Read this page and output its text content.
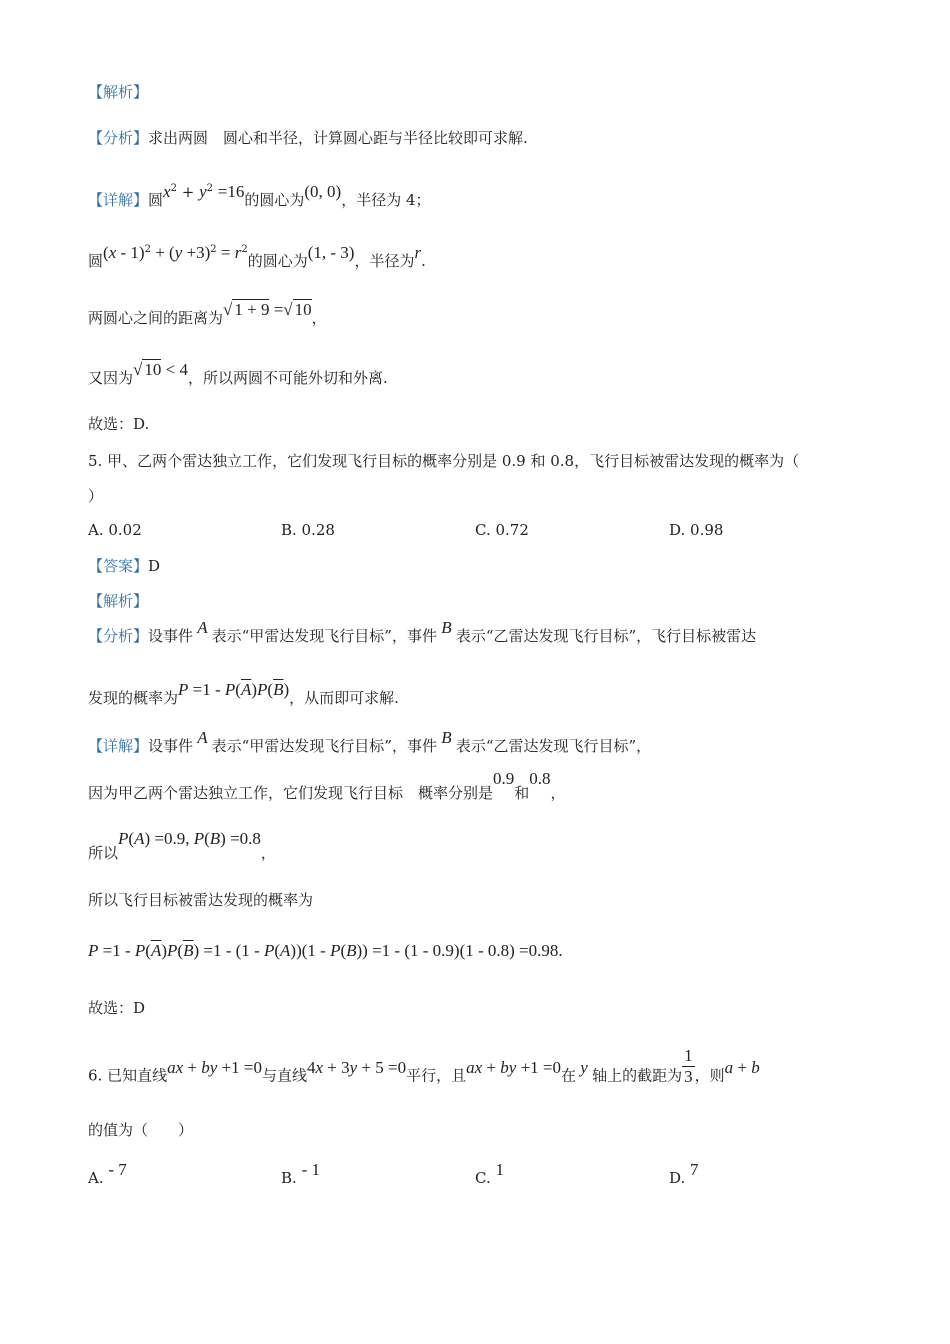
【解析】
【分析】求出两圆　圆心和半径，计算圆心距与半径比较即可求解.
【详解】圆$x^2 + y^2 =16$的圆心为(0, 0)，半径为 4；
圆$(x - 1)^2 + (y +3)^2 = r^2$的圆心为(1, - 3)，半径为r.
两圆心之间的距离为√ 1 + 9 =√ 10，
又因为√ 10 < 4，所以两圆不可能外切和外离.
故选：D.
5. 甲、乙两个雷达独立工作，它们发现飞行目标的概率分别是 0.9 和 0.8，飞行目标被雷达发现的概率为（
）
A. 0.02	B. 0.28	C. 0.72	D. 0.98
【答案】D
【解析】
【分析】设事件 A 表示“甲雷达发现飞行目标”，事件 B 表示“乙雷达发现飞行目标”，飞行目标被雷达
发现的概率为$P =1 - P(\overline{A})P(\overline{B})$，从而即可求解.
【详解】设事件 A 表示“甲雷达发现飞行目标”，事件 B 表示“乙雷达发现飞行目标”，
因为甲乙两个雷达独立工作，它们发现飞行目标　概率分别是0.9和0.8，
所以P(A) =0.9, P(B) =0.8，
所以飞行目标被雷达发现的概率为
$P =1 - P(\overline{A})P(\overline{B}) =1 - (1 - P(A))(1 - P(B)) =1 - (1 - 0.9)(1 - 0.8) =0.98$.
故选：D
6. 已知直线ax + by +1 =0与直线4x + 3y + 5 =0平行，且ax + by +1 =0在 y 轴上的截距为 $\frac{1}{3}$ ，则a + b
的值为（　　）
A. - 7	B. - 1	C. 1	D. 7
